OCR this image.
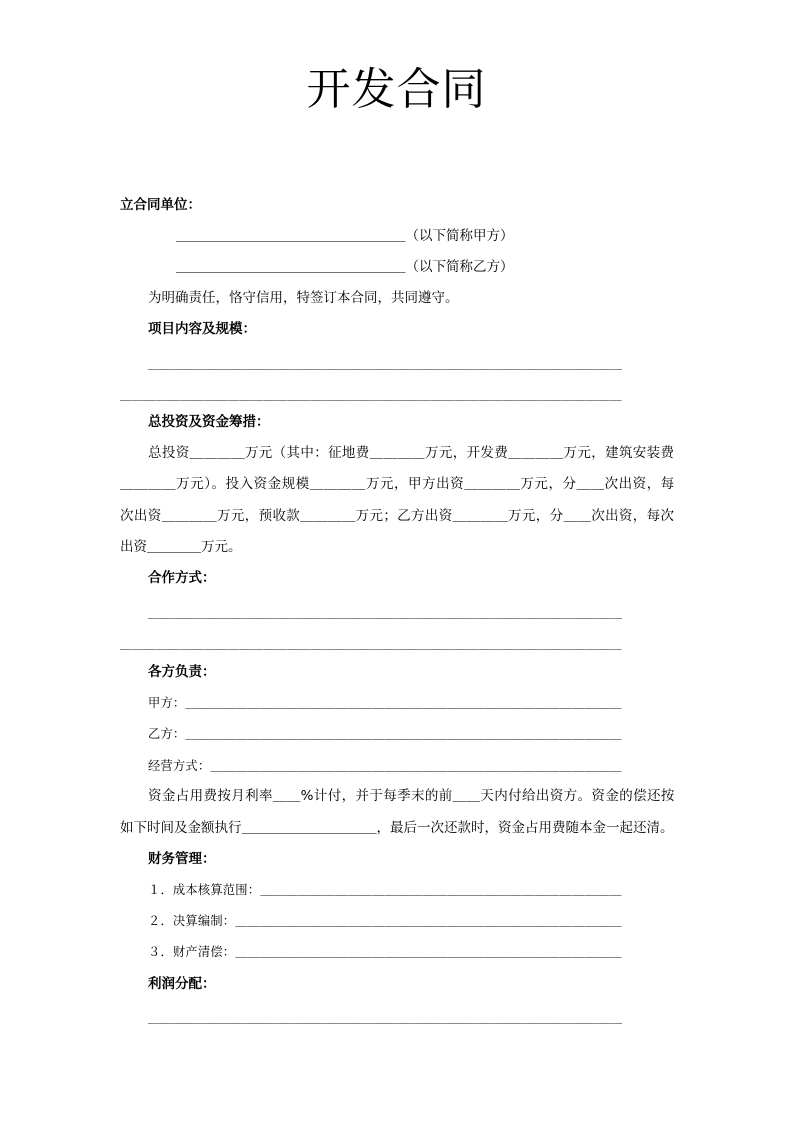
开发合同
立合同单位：
＿＿＿＿＿＿＿＿＿＿＿＿＿＿＿＿＿（以下简称甲方）
＿＿＿＿＿＿＿＿＿＿＿＿＿＿＿＿＿（以下简称乙方）
为明确责任，恪守信用，特签订本合同，共同遵守。
项目内容及规模：
＿＿＿＿＿＿＿＿＿＿＿＿＿＿＿＿＿＿＿＿＿＿＿＿＿＿＿＿＿＿＿＿＿＿＿＿＿＿＿＿
＿＿＿＿＿＿＿＿＿＿＿＿＿＿＿＿＿＿＿＿＿＿＿＿＿＿＿＿＿＿＿＿＿＿＿＿＿＿＿＿＿＿
总投资及资金筹措：
总投资＿＿＿＿万元（其中：征地费＿＿＿＿万元，开发费＿＿＿＿万元，建筑安装费
＿＿＿＿万元）。投入资金规模＿＿＿＿万元，甲方出资＿＿＿＿万元，分＿＿次出资，每
次出资＿＿＿＿万元，预收款＿＿＿＿万元；乙方出资＿＿＿＿万元，分＿＿次出资，每次
出资＿＿＿＿万元。
合作方式：
＿＿＿＿＿＿＿＿＿＿＿＿＿＿＿＿＿＿＿＿＿＿＿＿＿＿＿＿＿＿＿＿＿＿＿＿＿＿＿＿
＿＿＿＿＿＿＿＿＿＿＿＿＿＿＿＿＿＿＿＿＿＿＿＿＿＿＿＿＿＿＿＿＿＿＿＿＿＿＿＿＿＿
各方负责：
甲方：＿＿＿＿＿＿＿＿＿＿＿＿＿＿＿＿＿＿＿＿＿＿＿＿＿＿＿＿＿＿＿＿＿＿＿
乙方：＿＿＿＿＿＿＿＿＿＿＿＿＿＿＿＿＿＿＿＿＿＿＿＿＿＿＿＿＿＿＿＿＿＿＿
经营方式：＿＿＿＿＿＿＿＿＿＿＿＿＿＿＿＿＿＿＿＿＿＿＿＿＿＿＿＿＿＿＿＿＿
资金占用费按月利率＿＿%计付，并于每季末的前＿＿天内付给出资方。资金的偿还按
如下时间及金额执行＿＿＿＿＿＿＿＿＿＿，最后一次还款时，资金占用费随本金一起还清。
财务管理：
１．成本核算范围：＿＿＿＿＿＿＿＿＿＿＿＿＿＿＿＿＿＿＿＿＿＿＿＿＿＿＿＿＿
２．决算编制：＿＿＿＿＿＿＿＿＿＿＿＿＿＿＿＿＿＿＿＿＿＿＿＿＿＿＿＿＿＿＿
３．财产清偿：＿＿＿＿＿＿＿＿＿＿＿＿＿＿＿＿＿＿＿＿＿＿＿＿＿＿＿＿＿＿＿
利润分配：
＿＿＿＿＿＿＿＿＿＿＿＿＿＿＿＿＿＿＿＿＿＿＿＿＿＿＿＿＿＿＿＿＿＿＿＿＿＿＿＿
